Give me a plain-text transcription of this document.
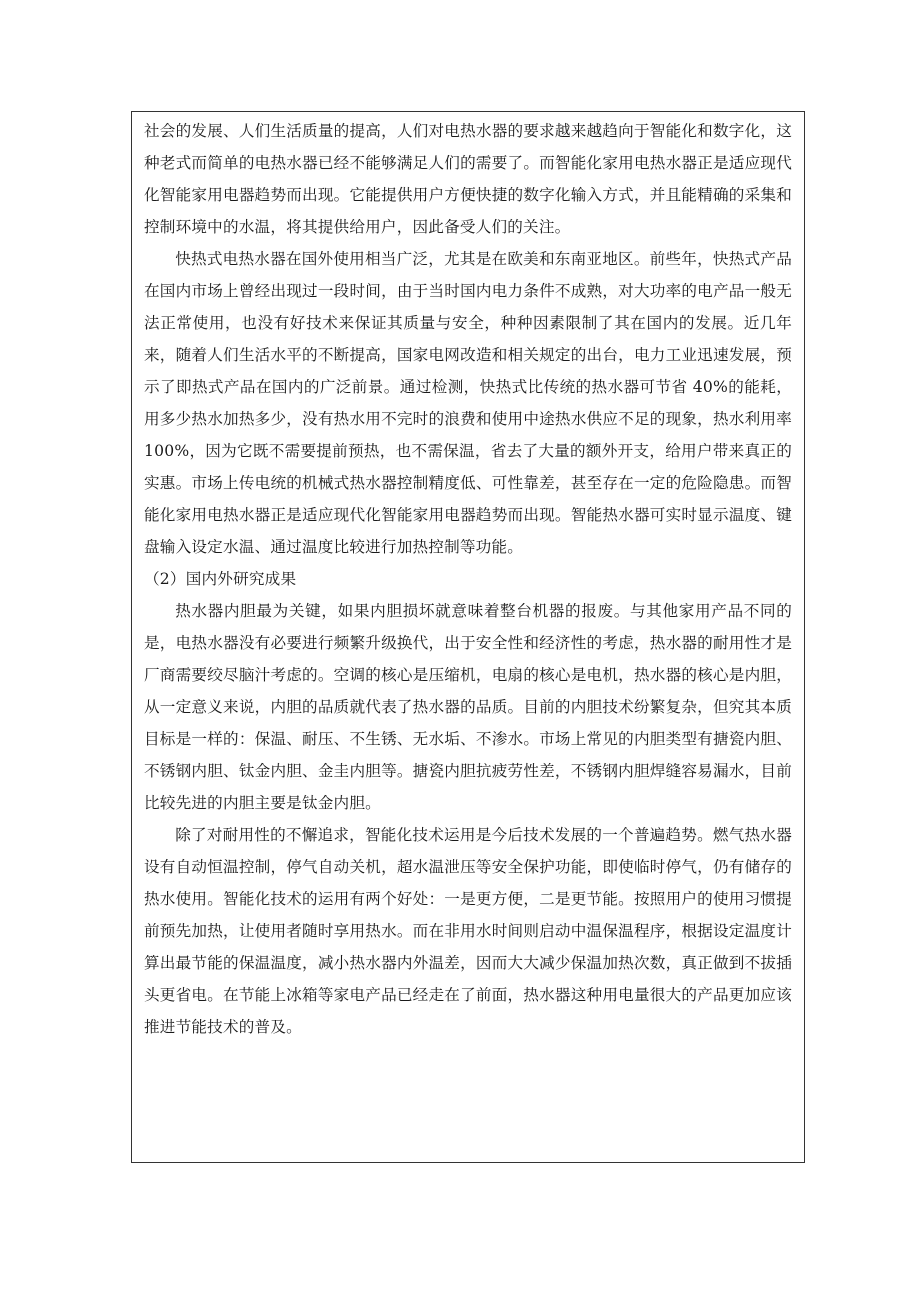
社会的发展、人们生活质量的提高，人们对电热水器的要求越来越趋向于智能化和数字化，这种老式而简单的电热水器已经不能够满足人们的需要了。而智能化家用电热水器正是适应现代化智能家用电器趋势而出现。它能提供用户方便快捷的数字化输入方式，并且能精确的采集和控制环境中的水温，将其提供给用户，因此备受人们的关注。

快热式电热水器在国外使用相当广泛，尤其是在欧美和东南亚地区。前些年，快热式产品在国内市场上曾经出现过一段时间，由于当时国内电力条件不成熟，对大功率的电产品一般无法正常使用，也没有好技术来保证其质量与安全，种种因素限制了其在国内的发展。近几年来，随着人们生活水平的不断提高，国家电网改造和相关规定的出台，电力工业迅速发展，预示了即热式产品在国内的广泛前景。通过检测，快热式比传统的热水器可节省 40%的能耗，用多少热水加热多少，没有热水用不完时的浪费和使用中途热水供应不足的现象，热水利用率 100%，因为它既不需要提前预热，也不需保温，省去了大量的额外开支，给用户带来真正的实惠。市场上传电统的机械式热水器控制精度低、可性靠差，甚至存在一定的危险隐患。而智能化家用电热水器正是适应现代化智能家用电器趋势而出现。智能热水器可实时显示温度、键盘输入设定水温、通过温度比较进行加热控制等功能。

（2）国内外研究成果

热水器内胆最为关键，如果内胆损坏就意味着整台机器的报废。与其他家用产品不同的是，电热水器没有必要进行频繁升级换代，出于安全性和经济性的考虑，热水器的耐用性才是厂商需要绞尽脑汁考虑的。空调的核心是压缩机，电扇的核心是电机，热水器的核心是内胆，从一定意义来说，内胆的品质就代表了热水器的品质。目前的内胆技术纷繁复杂，但究其本质目标是一样的：保温、耐压、不生锈、无水垢、不渗水。市场上常见的内胆类型有搪瓷内胆、不锈钢内胆、钛金内胆、金圭内胆等。搪瓷内胆抗疲劳性差，不锈钢内胆焊缝容易漏水，目前比较先进的内胆主要是钛金内胆。

除了对耐用性的不懈追求，智能化技术运用是今后技术发展的一个普遍趋势。燃气热水器设有自动恒温控制，停气自动关机，超水温泄压等安全保护功能，即使临时停气，仍有储存的热水使用。智能化技术的运用有两个好处：一是更方便，二是更节能。按照用户的使用习惯提前预先加热，让使用者随时享用热水。而在非用水时间则启动中温保温程序，根据设定温度计算出最节能的保温温度，减小热水器内外温差，因而大大减少保温加热次数，真正做到不拔插头更省电。在节能上冰箱等家电产品已经走在了前面，热水器这种用电量很大的产品更加应该推进节能技术的普及。
